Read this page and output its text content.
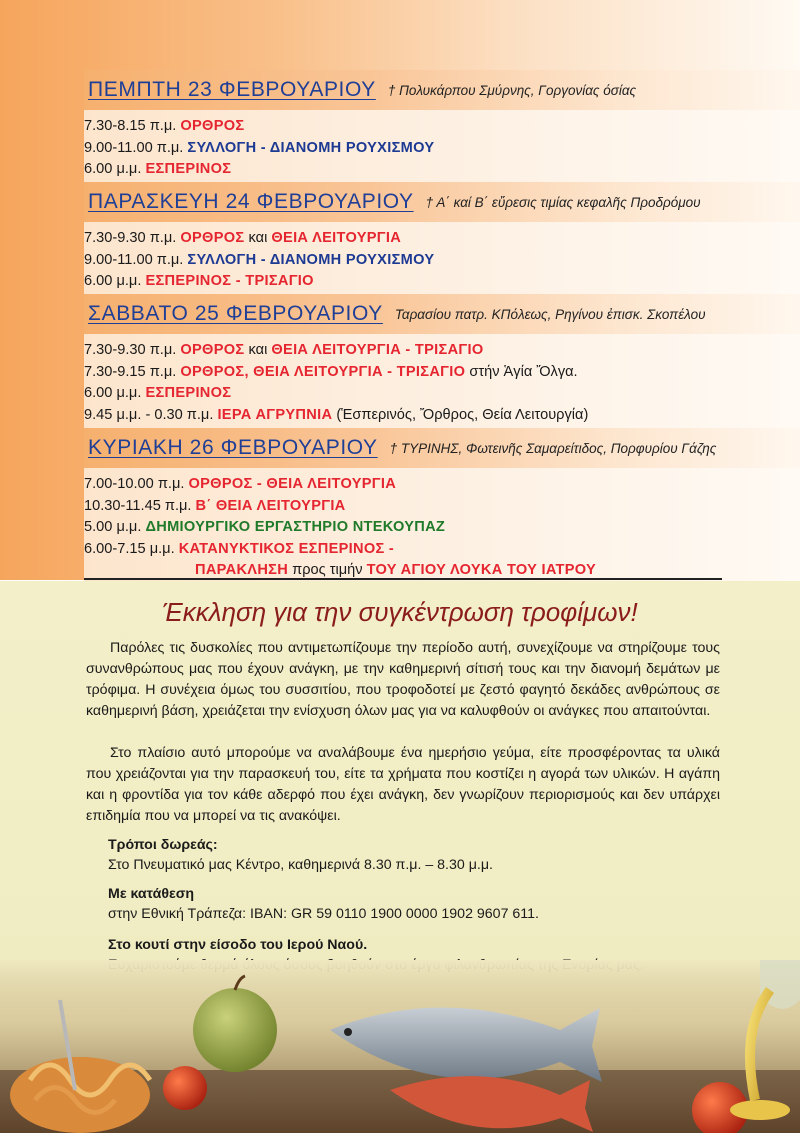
ΠΕΜΠΤΗ 23 ΦΕΒΡΟΥΑΡΙΟΥ † Πολυκάρπου Σμύρνης, Γοργονίας όσίας
7.30-8.15 π.μ. ΟΡΘΡΟΣ
9.00-11.00 π.μ. ΣΥΛΛΟΓΗ - ΔΙΑΝΟΜΗ ΡΟΥΧΙΣΜΟΥ
6.00 μ.μ. ΕΣΠΕΡΙΝΟΣ
ΠΑΡΑΣΚΕΥΗ 24 ΦΕΒΡΟΥΑΡΙΟΥ † Α΄ καί Β΄ εὕρεσις τιμίας κεφαλῆς Προδρόμου
7.30-9.30 π.μ. ΟΡΘΡΟΣ και ΘΕΙΑ ΛΕΙΤΟΥΡΓΙΑ
9.00-11.00 π.μ. ΣΥΛΛΟΓΗ - ΔΙΑΝΟΜΗ ΡΟΥΧΙΣΜΟΥ
6.00 μ.μ. ΕΣΠΕΡΙΝΟΣ - ΤΡΙΣΑΓΙΟ
ΣΑΒΒΑΤΟ 25 ΦΕΒΡΟΥΑΡΙΟΥ Ταρασίου πατρ. ΚΠόλεως, Ρηγίνου ἐπισκ. Σκοπέλου
7.30-9.30 π.μ. ΟΡΘΡΟΣ και ΘΕΙΑ ΛΕΙΤΟΥΡΓΙΑ - ΤΡΙΣΑΓΙΟ
7.30-9.15 π.μ. ΟΡΘΡΟΣ, ΘΕΙΑ ΛΕΙΤΟΥΡΓΙΑ - ΤΡΙΣΑΓΙΟ στήν Ἁγία Ὄλγα.
6.00 μ.μ. ΕΣΠΕΡΙΝΟΣ
9.45 μ.μ. - 0.30 π.μ. ΙΕΡΑ ΑΓΡΥΠΝΙΑ (Ἑσπερινός, Ὄρθρος, Θεία Λειτουργία)
ΚΥΡΙΑΚΗ 26 ΦΕΒΡΟΥΑΡΙΟΥ † ΤΥΡΙΝΗΣ, Φωτεινῆς Σαμαρείτιδος, Πορφυρίου Γάζης
7.00-10.00 π.μ. ΟΡΘΡΟΣ - ΘΕΙΑ ΛΕΙΤΟΥΡΓΙΑ
10.30-11.45 π.μ. Β΄ ΘΕΙΑ ΛΕΙΤΟΥΡΓΙΑ
5.00 μ.μ. ΔΗΜΙΟΥΡΓΙΚΟ ΕΡΓΑΣΤΗΡΙΟ ΝΤΕΚΟΥΠΑΖ
6.00-7.15 μ.μ. ΚΑΤΑΝΥΚΤΙΚΟΣ ΕΣΠΕΡΙΝΟΣ -
ΠΑΡΑΚΛΗΣΗ προς τιμήν ΤΟΥ ΑΓΙΟΥ ΛΟΥΚΑ ΤΟΥ ΙΑΤΡΟΥ
Έκκληση για την συγκέντρωση τροφίμων!
Παρόλες τις δυσκολίες που αντιμετωπίζουμε την περίοδο αυτή, συνεχίζουμε να στηρίζουμε τους συνανθρώπους μας που έχουν ανάγκη, με την καθημερινή σίτισή τους και την διανομή δεμάτων με τρόφιμα. Η συνέχεια όμως του συσσιτίου, που τροφοδοτεί με ζεστό φαγητό δεκάδες ανθρώπους σε καθημερινή βάση, χρειάζεται την ενίσχυση όλων μας για να καλυφθούν οι ανάγκες που απαιτούνται.
Στο πλαίσιο αυτό μπορούμε να αναλάβουμε ένα ημερήσιο γεύμα, είτε προσφέροντας τα υλικά που χρειάζονται για την παρασκευή του, είτε τα χρήματα που κοστίζει η αγορά των υλικών. Η αγάπη και η φροντίδα για τον κάθε αδερφό που έχει ανάγκη, δεν γνωρίζουν περιορισμούς και δεν υπάρχει επιδημία που να μπορεί να τις ανακόψει.
Τρόποι δωρεάς:
Στο Πνευματικό μας Κέντρο, καθημερινά 8.30 π.μ. – 8.30 μ.μ.
Με κατάθεση
στην Εθνική Τράπεζα: IBAN: GR 59 0110 1900 0000 1902 9607 611.
Στο κουτί στην είσοδο του Ιερού Ναού.
